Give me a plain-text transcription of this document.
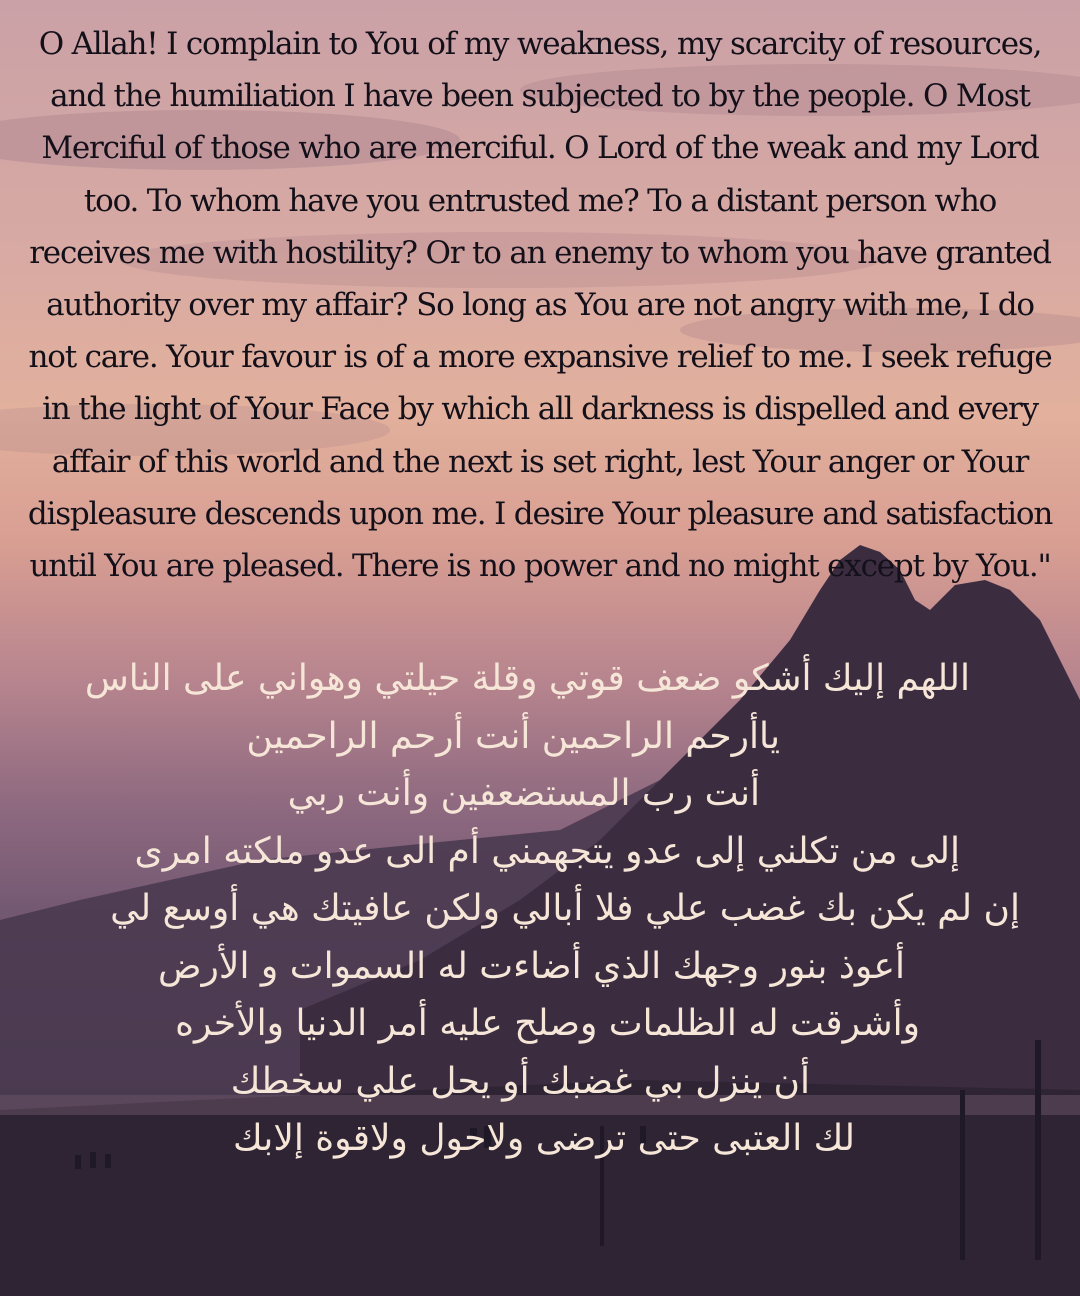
O Allah! I complain to You of my weakness, my scarcity of resources, and the humiliation I have been subjected to by the people. O Most Merciful of those who are merciful. O Lord of the weak and my Lord too. To whom have you entrusted me? To a distant person who receives me with hostility? Or to an enemy to whom you have granted authority over my affair? So long as You are not angry with me, I do not care. Your favour is of a more expansive relief to me. I seek refuge in the light of Your Face by which all darkness is dispelled and every affair of this world and the next is set right, lest Your anger or Your displeasure descends upon me. I desire Your pleasure and satisfaction until You are pleased. There is no power and no might except by You."

اللهم إليك أشكو ضعف قوتي وقلة حيلتي وهواني على الناس
ياأرحم الراحمين أنت أرحم الراحمين
أنت رب المستضعفين وأنت ربي
إلى من تكلني إلى عدو يتجهمني أم الى عدو ملكته امرى
إن لم يكن بك غضب علي فلا أبالي ولكن عافيتك هي أوسع لي
أعوذ بنور وجهك الذي أضاءت له السموات و الأرض
وأشرقت له الظلمات وصلح عليه أمر الدنيا والأخره
أن ينزل بي غضبك أو يحل علي سخطك
لك العتبى حتى ترضى ولاحول ولاقوة إلابك
